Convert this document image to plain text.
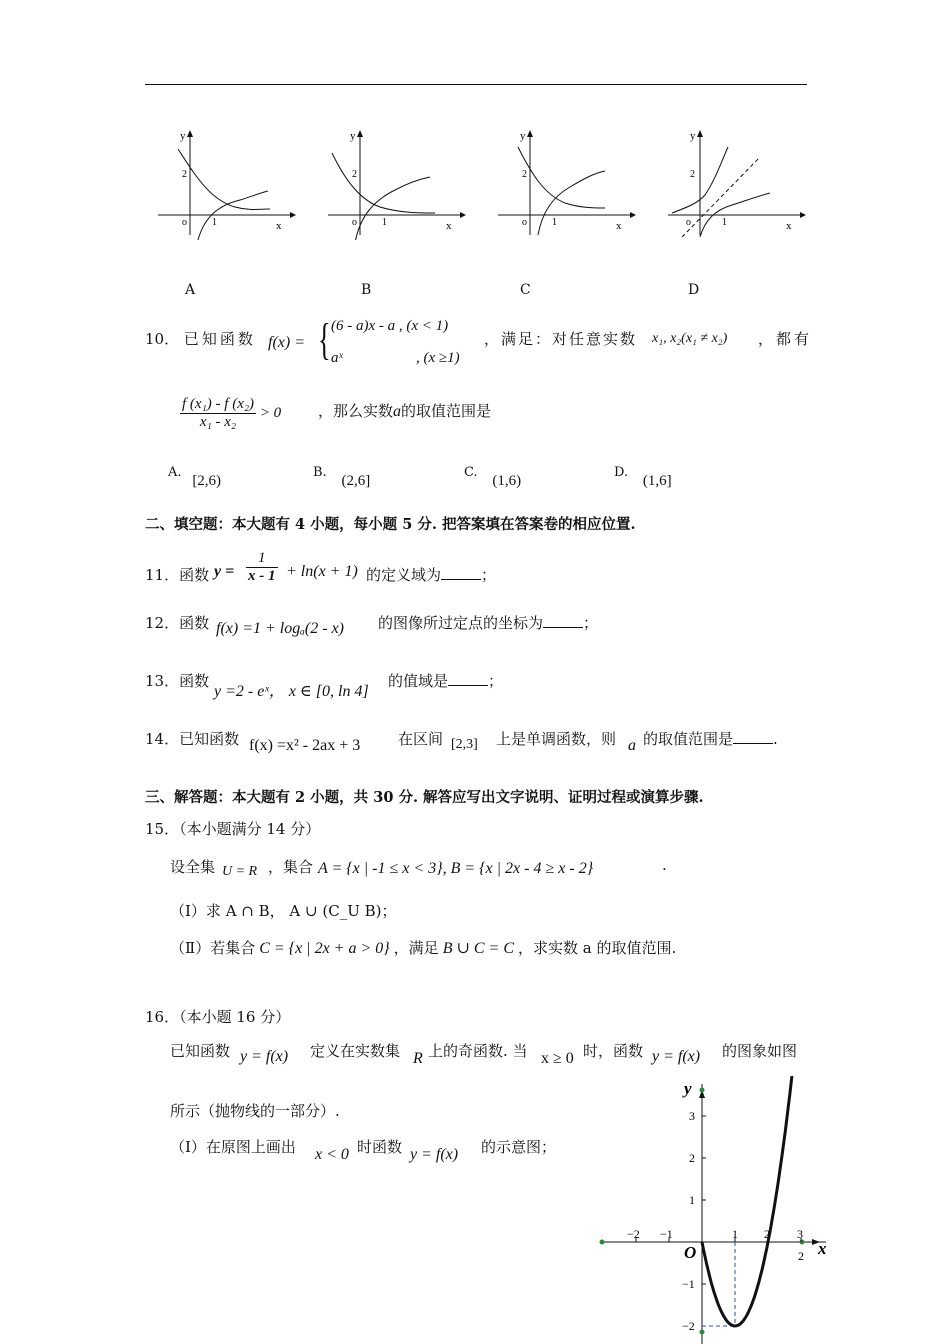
y
x
2
o	1
y
x
2
o	1
y
x
2
o	1
y
x
2
o	1
A	B	C	D
10． 已知函数 f(x) = { (6 - a)x - a , (x < 1)
aˣ	, (x ≥1)
，满足：对任意实数 x₁, x₂(x₁ ≠ x₂) ，都有
$\frac{\text{f (x₁) - f (x₂)}}{\text{x₁ - x₂}} > 0$ ，那么实数a的取值范围是
A. [2,6)
B. (2,6]
C. (1,6)
D. (1,6]
二、填空题：本大题有 4 小题，每小题 5 分. 把答案填在答案卷的相应位置.
11．函数 $y = \frac{1}{x - 1} + \ln(x + 1)$ 的定义域为	；
12．函数 f(x) =1 + logₐ(2 - x) 的图像所过定点的坐标为	；
13．函数
y =2 - eˣ， x ∈ [0, ln 4]
的值域是	；
14．已知函数 f(x) =x² - 2ax + 3	在区间 [2,3] 上是单调函数，则 a 的取值范围是	.
三、解答题：本大题有 2 小题，共 30 分. 解答应写出文字说明、证明过程或演算步骤.
15．（本小题满分 14 分）
设全集 U = R ，集合 A = {x | -1 ≤ x < 3}, B = {x | 2x - 4 ≥ x - 2}	.
（Ⅰ）求 A ∩ B， A ∪ (C_U B)；
（Ⅱ）若集合 C = {x | 2x + a > 0} ，满足 B ∪ C = C ，求实数 a 的取值范围.
16．（本小题 16 分）
已知函数 y = f(x) 定义在实数集 R 上的奇函数. 当 x ≥ 0 时，函数 y = f(x) 的图象如图
所示（抛物线的一部分）.
（Ⅰ）在原图上画出 x < 0 时函数 y = f(x) 的示意图；
y
x
O
−2 −1	1 2 3
2
3
2
1
−1
−2
